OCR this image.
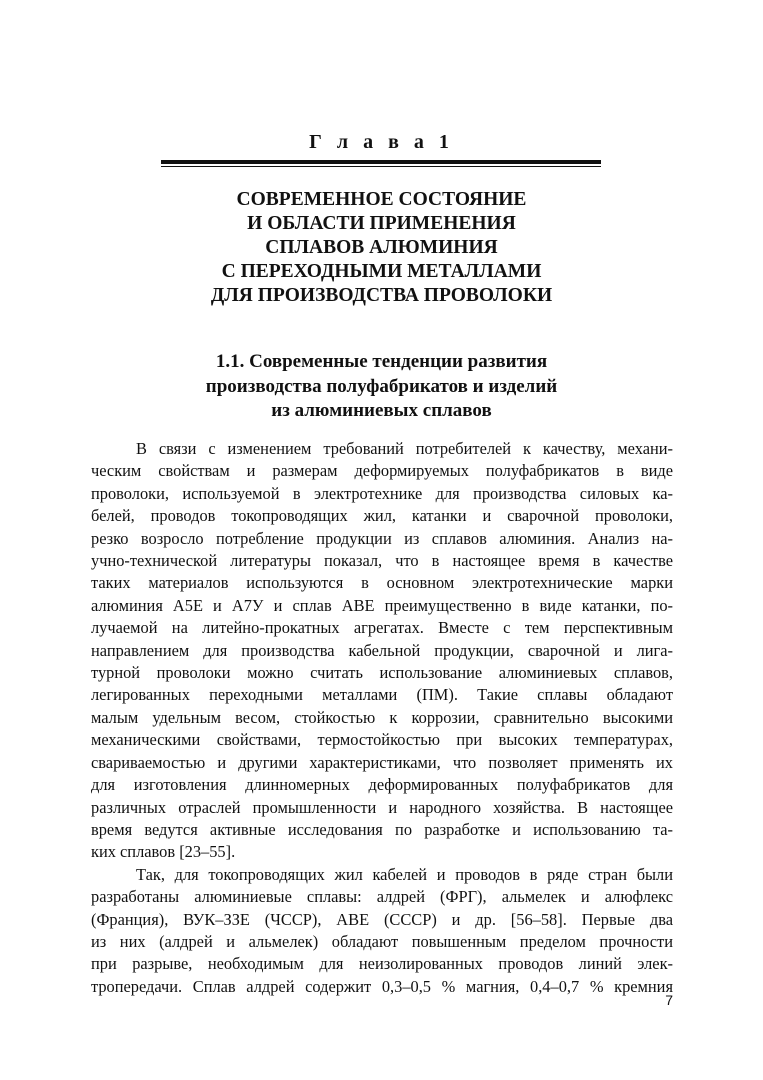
Г л а в а 1
СОВРЕМЕННОЕ СОСТОЯНИЕ
И ОБЛАСТИ ПРИМЕНЕНИЯ
СПЛАВОВ АЛЮМИНИЯ
С ПЕРЕХОДНЫМИ МЕТАЛЛАМИ
ДЛЯ ПРОИЗВОДСТВА ПРОВОЛОКИ
1.1. Современные тенденции развития
производства полуфабрикатов и изделий
из алюминиевых сплавов
В связи с изменением требований потребителей к качеству, механи-
ческим свойствам и размерам деформируемых полуфабрикатов в виде
проволоки, используемой в электротехнике для производства силовых ка-
белей, проводов токопроводящих жил, катанки и сварочной проволоки,
резко возросло потребление продукции из сплавов алюминия. Анализ на-
учно-технической литературы показал, что в настоящее время в качестве
таких материалов используются в основном электротехнические марки
алюминия А5Е и А7У и сплав АВЕ преимущественно в виде катанки, по-
лучаемой на литейно-прокатных агрегатах. Вместе с тем перспективным
направлением для производства кабельной продукции, сварочной и лига-
турной проволоки можно считать использование алюминиевых сплавов,
легированных переходными металлами (ПМ). Такие сплавы обладают
малым удельным весом, стойкостью к коррозии, сравнительно высокими
механическими свойствами, термостойкостью при высоких температурах,
свариваемостью и другими характеристиками, что позволяет применять их
для изготовления длинномерных деформированных полуфабрикатов для
различных отраслей промышленности и народного хозяйства. В настоящее
время ведутся активные исследования по разработке и использованию та-
ких сплавов [23–55].
Так, для токопроводящих жил кабелей и проводов в ряде стран были
разработаны алюминиевые сплавы: алдрей (ФРГ), альмелек и алюфлекс
(Франция), ВУК–ЗЗЕ (ЧССР), АВЕ (СССР) и др. [56–58]. Первые два
из них (алдрей и альмелек) обладают повышенным пределом прочности
при разрыве, необходимым для неизолированных проводов линий элек-
тропередачи. Сплав алдрей содержит 0,3–0,5 % магния, 0,4–0,7 % кремния
7
